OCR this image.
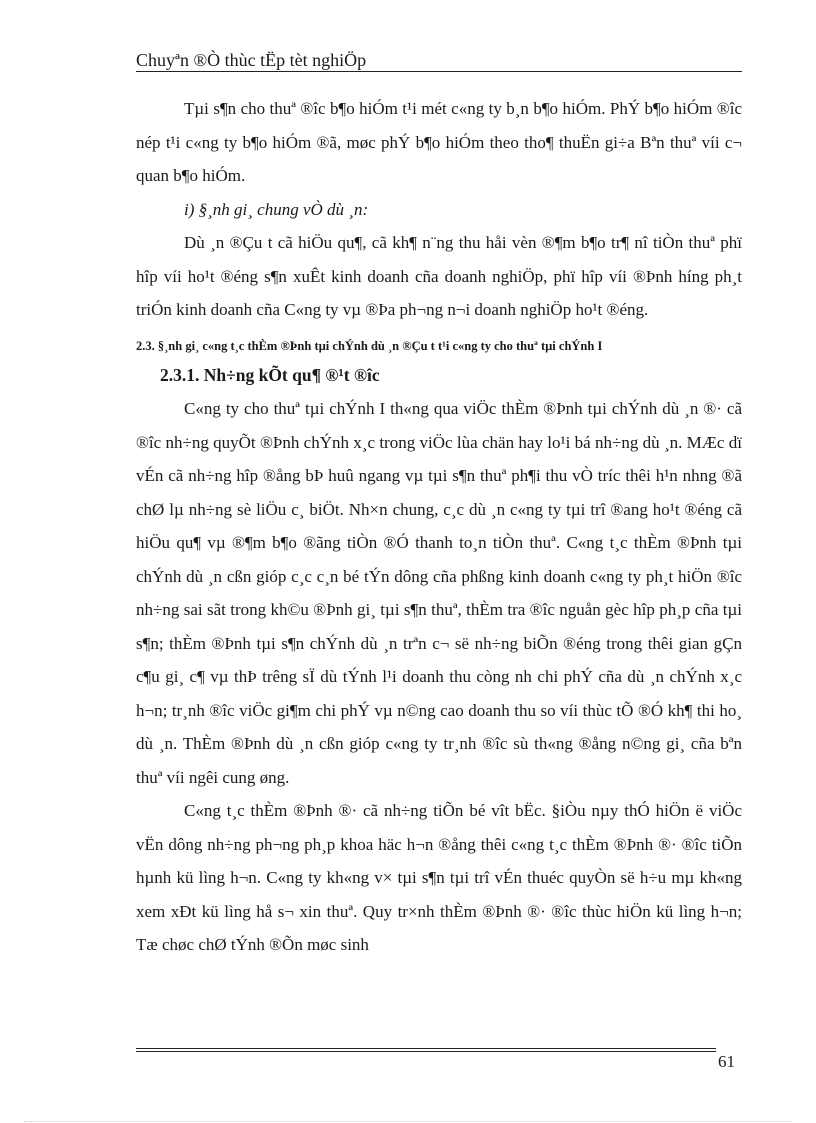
Chuyªn ®Ò thùc tËp tèt nghiÖp

Tµi s¶n cho thuª ®îc b¶o hiÓm t¹i mét c«ng ty b¸n b¶o hiÓm. PhÝ b¶o hiÓm ®îc nép t¹i c«ng ty b¶o hiÓm ®ã, møc phÝ b¶o hiÓm theo tho¶ thuËn gi÷a Bªn thuª víi c¬ quan b¶o hiÓm.

i) §¸nh gi¸ chung vÒ dù ¸n:

Dù ¸n ®Çu t cã hiÖu qu¶, cã kh¶ n¨ng thu håi vèn ®¶m b¶o tr¶ nî tiÒn thuª phï hîp víi ho¹t ®éng s¶n xuÊt kinh doanh cña doanh nghiÖp, phï hîp víi ®Þnh híng ph¸t triÓn kinh doanh cña C«ng ty vµ ®Þa ph¬ng n¬i doanh nghiÖp ho¹t ®éng.

2.3. §¸nh gi¸ c«ng t¸c thÈm ®Þnh tµi chÝnh dù ¸n ®Çu t t¹i c«ng ty cho thuª tµi chÝnh I

2.3.1. Nh÷ng kÕt qu¶ ®¹t ®îc

C«ng ty cho thuª tµi chÝnh I th«ng qua viÖc thÈm ®Þnh tµi chÝnh dù ¸n ®· cã ®îc nh÷ng quyÕt ®Þnh chÝnh x¸c trong viÖc lùa chän hay lo¹i bá nh÷ng dù ¸n. MÆc dï vÉn cã nh÷ng hîp ®ång bÞ huû ngang vµ tµi s¶n thuª ph¶i thu vÒ tríc thêi h¹n nhng ®ã chØ lµ nh÷ng sè liÖu c¸ biÖt. Nh×n chung, c¸c dù ¸n c«ng ty tµi trî ®ang ho¹t ®éng cã hiÖu qu¶ vµ ®¶m b¶o ®ãng tiÒn ®Ó thanh to¸n tiÒn thuª. C«ng t¸c thÈm ®Þnh tµi chÝnh dù ¸n cßn gióp c¸c c¸n bé tÝn dông cña phßng kinh doanh c«ng ty ph¸t hiÖn ®îc nh÷ng sai sãt trong kh©u ®Þnh gi¸ tµi s¶n thuª, thÈm tra ®îc nguån gèc hîp ph¸p cña tµi s¶n; thÈm ®Þnh tµi s¶n chÝnh dù ¸n trªn c¬ së nh÷ng biÕn ®éng trong thêi gian gÇn c¶u gi¸ c¶ vµ thÞ trêng sÏ dù tÝnh l¹i doanh thu còng nh chi phÝ cña dù ¸n chÝnh x¸c h¬n; tr¸nh ®îc viÖc gi¶m chi phÝ vµ n©ng cao doanh thu so víi thùc tÕ ®Ó kh¶ thi ho¸ dù ¸n. ThÈm ®Þnh dù ¸n cßn gióp c«ng ty tr¸nh ®îc sù th«ng ®ång n©ng gi¸ cña bªn thuª víi ngêi cung øng.

C«ng t¸c thÈm ®Þnh ®· cã nh÷ng tiÕn bé vît bËc. §iÒu nµy thÓ hiÖn ë viÖc vËn dông nh÷ng ph¬ng ph¸p khoa häc h¬n ®ång thêi c«ng t¸c thÈm ®Þnh ®· ®îc tiÕn hµnh kü lìng h¬n. C«ng ty kh«ng v× tµi s¶n tµi trî vÉn thuéc quyÒn së h÷u mµ kh«ng xem xÐt kü lìng hå s¬ xin thuª. Quy tr×nh thÈm ®Þnh ®· ®îc thùc hiÖn kü lìng h¬n; Tæ chøc chØ tÝnh ®Õn møc sinh

61
